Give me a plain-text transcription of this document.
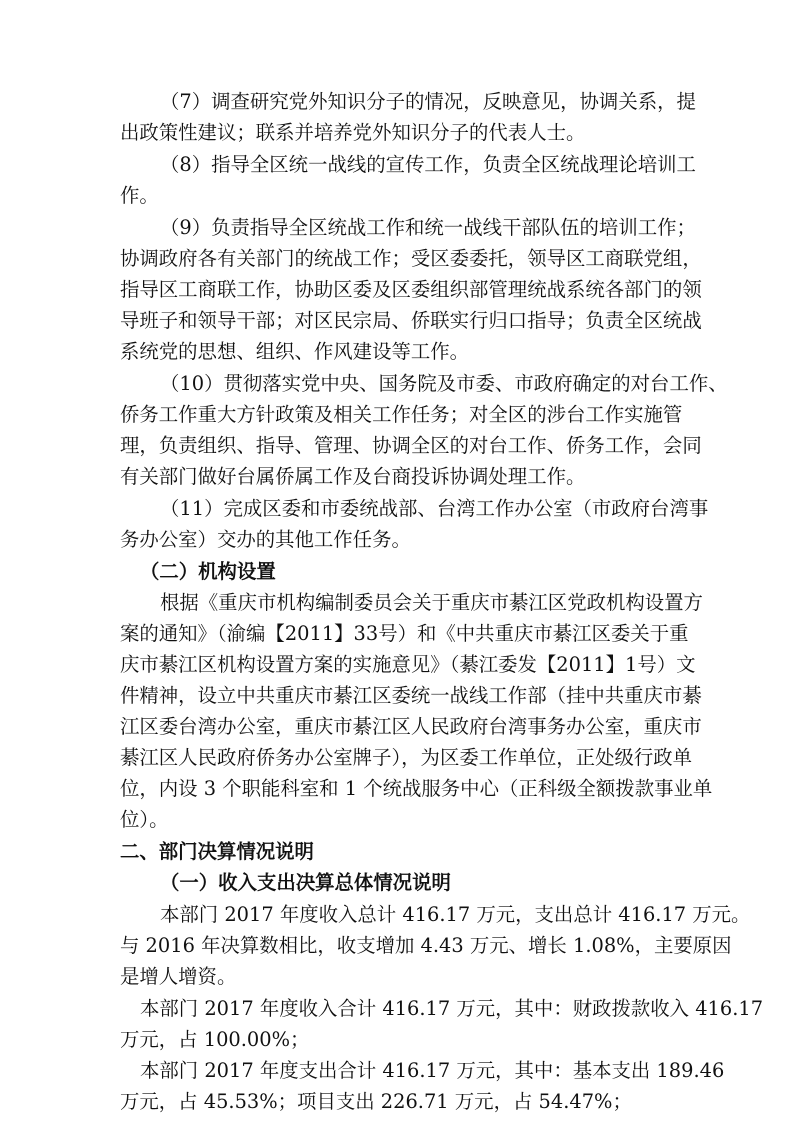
（7）调查研究党外知识分子的情况，反映意见，协调关系，提
出政策性建议；联系并培养党外知识分子的代表人士。
（8）指导全区统一战线的宣传工作，负责全区统战理论培训工
作。
（9）负责指导全区统战工作和统一战线干部队伍的培训工作；
协调政府各有关部门的统战工作；受区委委托，领导区工商联党组，
指导区工商联工作，协助区委及区委组织部管理统战系统各部门的领
导班子和领导干部；对区民宗局、侨联实行归口指导；负责全区统战
系统党的思想、组织、作风建设等工作。
（10）贯彻落实党中央、国务院及市委、市政府确定的对台工作、
侨务工作重大方针政策及相关工作任务；对全区的涉台工作实施管
理，负责组织、指导、管理、协调全区的对台工作、侨务工作，会同
有关部门做好台属侨属工作及台商投诉协调处理工作。
（11）完成区委和市委统战部、台湾工作办公室（市政府台湾事
务办公室）交办的其他工作任务。
（二）机构设置
根据《重庆市机构编制委员会关于重庆市綦江区党政机构设置方
案的通知》（渝编【2011】33号）和《中共重庆市綦江区委关于重
庆市綦江区机构设置方案的实施意见》（綦江委发【2011】1号）文
件精神，设立中共重庆市綦江区委统一战线工作部（挂中共重庆市綦
江区委台湾办公室，重庆市綦江区人民政府台湾事务办公室，重庆市
綦江区人民政府侨务办公室牌子），为区委工作单位，正处级行政单
位，内设 3 个职能科室和 1 个统战服务中心（正科级全额拨款事业单
位）。
二、部门决算情况说明
（一）收入支出决算总体情况说明
本部门 2017 年度收入总计 416.17 万元，支出总计 416.17 万元。
与 2016 年决算数相比，收支增加 4.43 万元、增长 1.08%，主要原因
是增人增资。
本部门 2017 年度收入合计 416.17 万元，其中：财政拨款收入 416.17
万元，占 100.00%；
本部门 2017 年度支出合计 416.17 万元，其中：基本支出 189.46
万元，占 45.53%；项目支出 226.71 万元，占 54.47%；
